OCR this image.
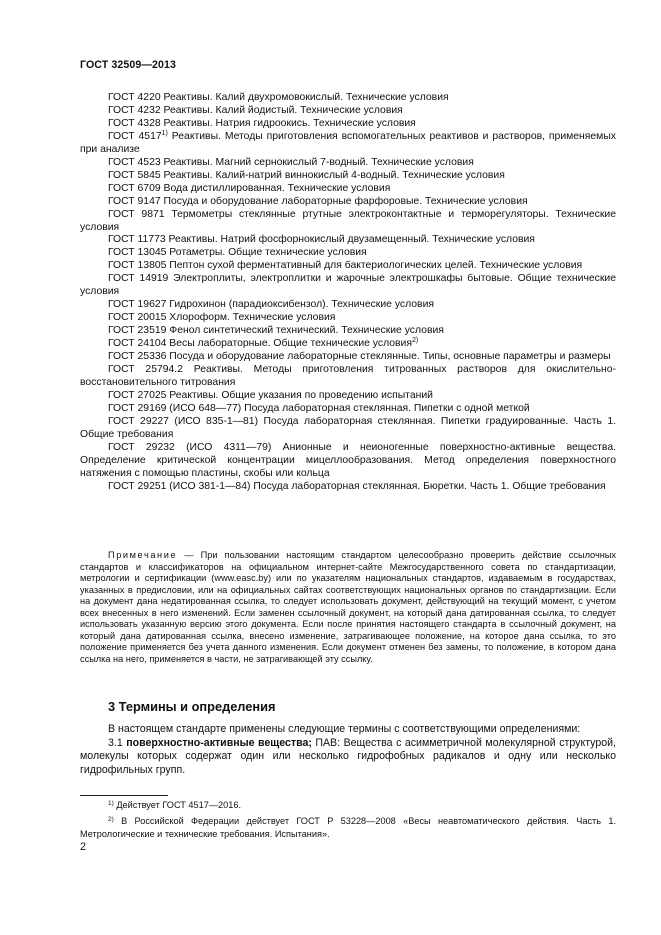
ГОСТ 32509—2013

ГОСТ 4220 Реактивы. Калий двухромовокислый. Технические условия

ГОСТ 4232 Реактивы. Калий йодистый. Технические условия

ГОСТ 4328 Реактивы. Натрия гидроокись. Технические условия

ГОСТ 4517$^{1)}$ Реактивы. Методы приготовления вспомогательных реактивов и растворов, применяемых при анализе

ГОСТ 4523 Реактивы. Магний сернокислый 7-водный. Технические условия

ГОСТ 5845 Реактивы. Калий-натрий виннокислый 4-водный. Технические условия

ГОСТ 6709 Вода дистиллированная. Технические условия

ГОСТ 9147 Посуда и оборудование лабораторные фарфоровые. Технические условия

ГОСТ 9871 Термометры стеклянные ртутные электроконтактные и терморегуляторы. Технические условия

ГОСТ 11773 Реактивы. Натрий фосфорнокислый двузамещенный. Технические условия

ГОСТ 13045 Ротаметры. Общие технические условия

ГОСТ 13805 Пептон сухой ферментативный для бактериологических целей. Технические условия

ГОСТ 14919 Электроплиты, электроплитки и жарочные электрошкафы бытовые. Общие технические условия

ГОСТ 19627 Гидрохинон (парадиоксибензол). Технические условия

ГОСТ 20015 Хлороформ. Технические условия

ГОСТ 23519 Фенол синтетический технический. Технические условия

ГОСТ 24104 Весы лабораторные. Общие технические условия$^{2)}$

ГОСТ 25336 Посуда и оборудование лабораторные стеклянные. Типы, основные параметры и размеры

ГОСТ 25794.2 Реактивы. Методы приготовления титрованных растворов для окислительно-восстановительного титрования

ГОСТ 27025 Реактивы. Общие указания по проведению испытаний

ГОСТ 29169 (ИСО 648—77) Посуда лабораторная стеклянная. Пипетки с одной меткой

ГОСТ 29227 (ИСО 835-1—81) Посуда лабораторная стеклянная. Пипетки градуированные. Часть 1. Общие требования

ГОСТ 29232 (ИСО 4311—79) Анионные и неионогенные поверхностно-активные вещества. Определение критической концентрации мицеллообразования. Метод определения поверхностного натяжения с помощью пластины, скобы или кольца

ГОСТ 29251 (ИСО 381-1—84) Посуда лабораторная стеклянная. Бюретки. Часть 1. Общие требования

Примечание — При пользовании настоящим стандартом целесообразно проверить действие ссылочных стандартов и классификаторов на официальном интернет-сайте Межгосударственного совета по стандартизации, метрологии и сертификации (www.easc.by) или по указателям национальных стандартов, издаваемым в государствах, указанных в предисловии, или на официальных сайтах соответствующих национальных органов по стандартизации. Если на документ дана недатированная ссылка, то следует использовать документ, действующий на текущий момент, с учетом всех внесенных в него изменений. Если заменен ссылочный документ, на который дана датированная ссылка, то следует использовать указанную версию этого документа. Если после принятия настоящего стандарта в ссылочный документ, на который дана датированная ссылка, внесено изменение, затрагивающее положение, на которое дана ссылка, то это положение применяется без учета данного изменения. Если документ отменен без замены, то положение, в котором дана ссылка на него, применяется в части, не затрагивающей эту ссылку.

3 Термины и определения

В настоящем стандарте применены следующие термины с соответствующими определениями:

3.1 поверхностно-активные вещества; ПАВ: Вещества с асимметричной молекулярной структурой, молекулы которых содержат один или несколько гидрофобных радикалов и одну или несколько гидрофильных групп.

$^{1)}$ Действует ГОСТ 4517—2016.

$^{2)}$ В Российской Федерации действует ГОСТ Р 53228—2008 «Весы неавтоматического действия. Часть 1. Метрологические и технические требования. Испытания».

2
